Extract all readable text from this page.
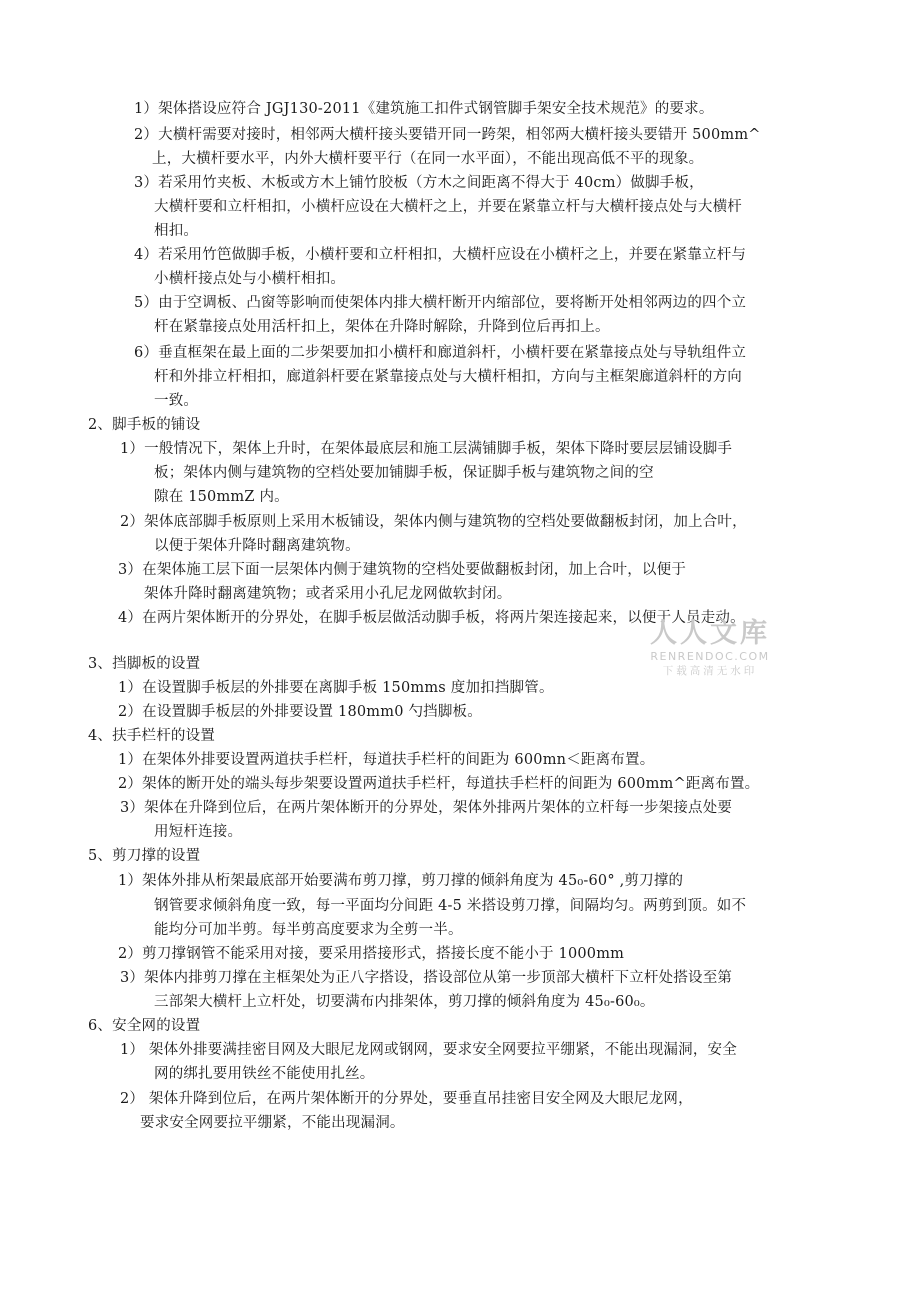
1）架体搭设应符合 JGJ130-2011《建筑施工扣件式钢管脚手架安全技术规范》的要求。
2）大横杆需要对接时，相邻两大横杆接头要错开同一跨架，相邻两大横杆接头要错开 500mm^
上，大横杆要水平，内外大横杆要平行（在同一水平面），不能出现高低不平的现象。
3）若采用竹夹板、木板或方木上铺竹胶板（方木之间距离不得大于 40cm）做脚手板，
大横杆要和立杆相扣，小横杆应设在大横杆之上，并要在紧靠立杆与大横杆接点处与大横杆
相扣。
4）若采用竹笆做脚手板，小横杆要和立杆相扣，大横杆应设在小横杆之上，并要在紧靠立杆与
小横杆接点处与小横杆相扣。
5）由于空调板、凸窗等影响而使架体内排大横杆断开内缩部位，要将断开处相邻两边的四个立
杆在紧靠接点处用活杆扣上，架体在升降时解除，升降到位后再扣上。
6）垂直框架在最上面的二步架要加扣小横杆和廊道斜杆，小横杆要在紧靠接点处与导轨组件立
杆和外排立杆相扣，廊道斜杆要在紧靠接点处与大横杆相扣，方向与主框架廊道斜杆的方向
一致。
2、脚手板的铺设
1）一般情况下，架体上升时，在架体最底层和施工层满铺脚手板，架体下降时要层层铺设脚手
板；架体内侧与建筑物的空档处要加铺脚手板，保证脚手板与建筑物之间的空
隙在 150mmZ 内。
2）架体底部脚手板原则上采用木板铺设，架体内侧与建筑物的空档处要做翻板封闭，加上合叶，
以便于架体升降时翻离建筑物。
3）在架体施工层下面一层架体内侧于建筑物的空档处要做翻板封闭，加上合叶，以便于
架体升降时翻离建筑物；或者采用小孔尼龙网做软封闭。
4）在两片架体断开的分界处，在脚手板层做活动脚手板，将两片架连接起来，以便于人员走动。
3、挡脚板的设置
1）在设置脚手板层的外排要在离脚手板 150mms 度加扣挡脚管。
2）在设置脚手板层的外排要设置 180mm0 勺挡脚板。
4、扶手栏杆的设置
1）在架体外排要设置两道扶手栏杆，每道扶手栏杆的间距为 600mn＜距离布置。
2）架体的断开处的端头每步架要设置两道扶手栏杆，每道扶手栏杆的间距为 600mm^距离布置。
3）架体在升降到位后，在两片架体断开的分界处，架体外排两片架体的立杆每一步架接点处要
用短杆连接。
5、剪刀撑的设置
1）架体外排从桁架最底部开始要满布剪刀撑，剪刀撑的倾斜角度为 45₀-60° ,剪刀撑的
钢管要求倾斜角度一致，每一平面均分间距 4-5 米搭设剪刀撑，间隔均匀。两剪到顶。如不
能均分可加半剪。每半剪高度要求为全剪一半。
2）剪刀撑钢管不能采用对接，要采用搭接形式，搭接长度不能小于 1000mm
3）架体内排剪刀撑在主框架处为正八字搭设，搭设部位从第一步顶部大横杆下立杆处搭设至第
三部架大横杆上立杆处，切要满布内排架体，剪刀撑的倾斜角度为 45₀-60₀。
6、安全网的设置
1） 架体外排要满挂密目网及大眼尼龙网或钢网，要求安全网要拉平绷紧，不能出现漏洞，安全
网的绑扎要用铁丝不能使用扎丝。
2） 架体升降到位后，在两片架体断开的分界处，要垂直吊挂密目安全网及大眼尼龙网，
要求安全网要拉平绷紧，不能出现漏洞。
人人文库
RENRENDOC.COM
下载高清无水印
